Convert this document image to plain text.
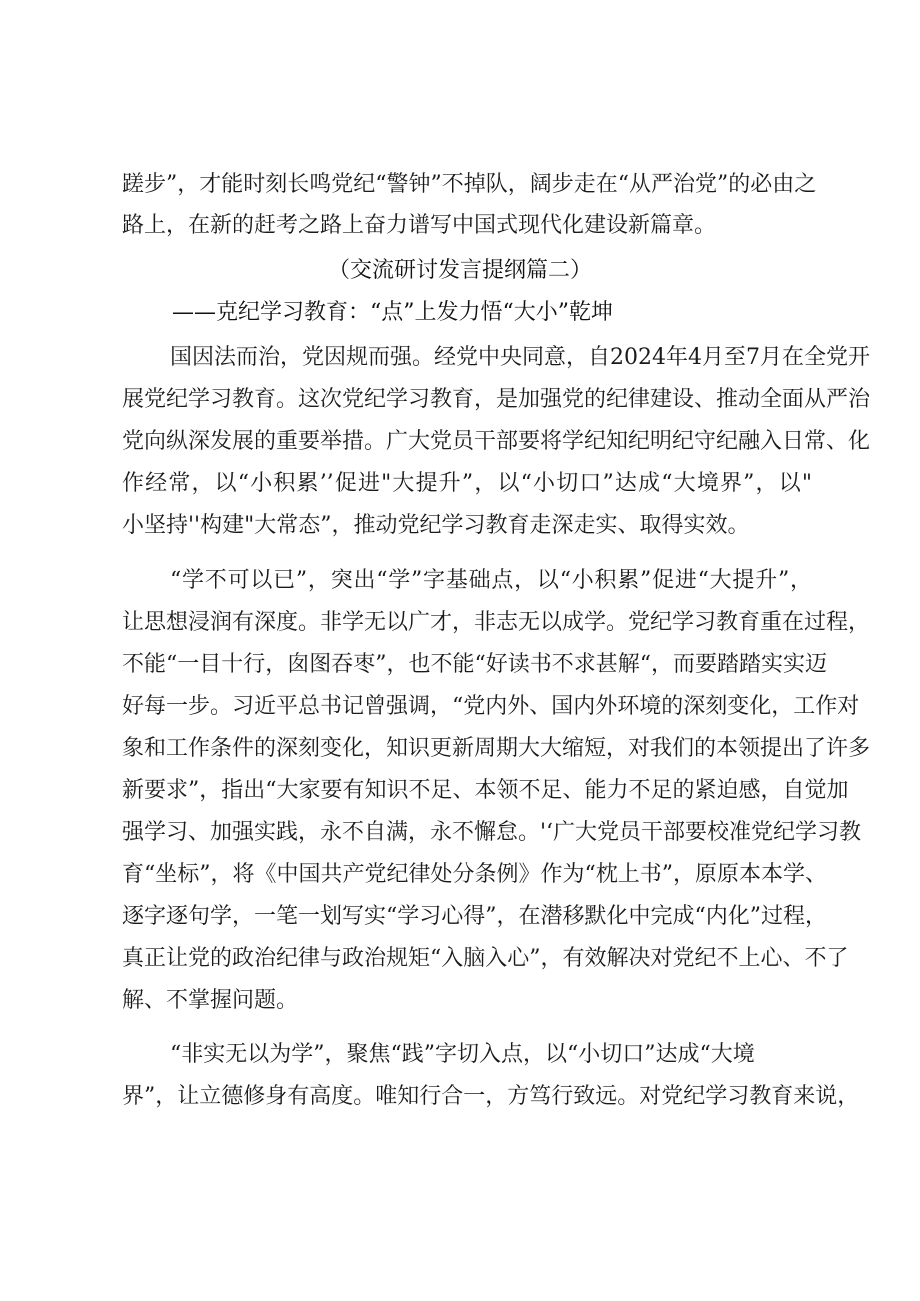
蹉步”，才能时刻长鸣党纪“警钟”不掉队，阔步走在“从严治党”的必由之
路上，在新的赶考之路上奋力谱写中国式现代化建设新篇章。
（交流研讨发言提纲篇二）
——克纪学习教育：“点”上发力悟“大小”乾坤
国因法而治，党因规而强。经党中央同意，自2024年4月至7月在全党开
展党纪学习教育。这次党纪学习教育，是加强党的纪律建设、推动全面从严治
党向纵深发展的重要举措。广大党员干部要将学纪知纪明纪守纪融入日常、化
作经常，以“小积累’’促进"大提升”，以“小切口”达成“大境界”，以"
小坚持''构建"大常态”，推动党纪学习教育走深走实、取得实效。
“学不可以已”，突出“学”字基础点，以“小积累”促进“大提升”，
让思想浸润有深度。非学无以广才，非志无以成学。党纪学习教育重在过程，
不能“一目十行，囱图吞枣”，也不能“好读书不求甚解“，而要踏踏实实迈
好每一步。习近平总书记曾强调，“党内外、国内外环境的深刻变化，工作对
象和工作条件的深刻变化，知识更新周期大大缩短，对我们的本领提出了许多
新要求”，指出“大家要有知识不足、本领不足、能力不足的紧迫感，自觉加
强学习、加强实践，永不自满，永不懈怠。'‘广大党员干部要校准党纪学习教
育“坐标”，将《中国共产党纪律处分条例》作为“枕上书”，原原本本学、
逐字逐句学，一笔一划写实“学习心得”，在潜移默化中完成“内化”过程，
真正让党的政治纪律与政治规矩“入脑入心”，有效解决对党纪不上心、不了
解、不掌握问题。
“非实无以为学”，聚焦“践”字切入点，以“小切口”达成“大境
界”，让立德修身有高度。唯知行合一，方笃行致远。对党纪学习教育来说，
